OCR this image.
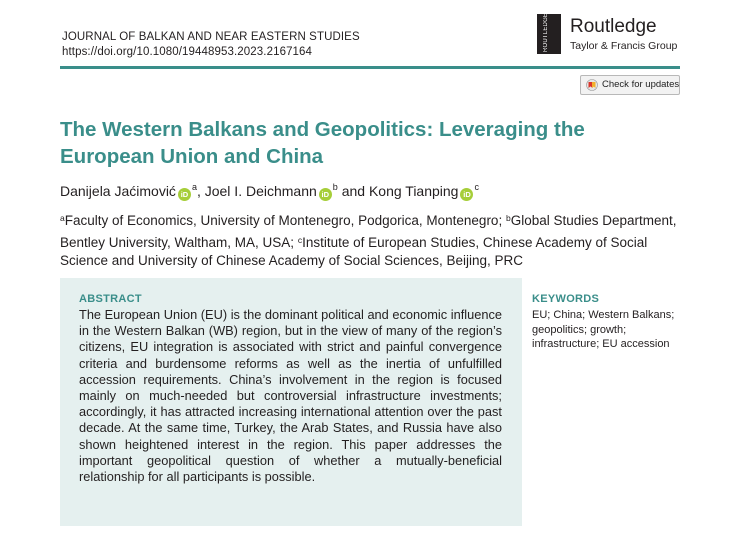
JOURNAL OF BALKAN AND NEAR EASTERN STUDIES
https://doi.org/10.1080/19448953.2023.2167164	ROUTLEDGE	Routledge
Taylor & Francis Group
Check for updates
The Western Balkans and Geopolitics: Leveraging the European Union and China
Danijela Jaćimović iD$^a$, Joel I. Deichmann iD$^b$ and Kong Tianping iD$^c$
$^a$Faculty of Economics, University of Montenegro, Podgorica, Montenegro; $^b$Global Studies Department, Bentley University, Waltham, MA, USA; $^c$Institute of European Studies, Chinese Academy of Social Science and University of Chinese Academy of Social Sciences, Beijing, PRC
ABSTRACT
The European Union (EU) is the dominant political and economic influence in the Western Balkan (WB) region, but in the view of many of the region’s citizens, EU integration is associated with strict and painful convergence criteria and burdensome reforms as well as the inertia of unfulfilled accession requirements. China’s involvement in the region is focused mainly on much-needed but controversial infrastructure investments; accordingly, it has attracted increasing international attention over the past decade. At the same time, Turkey, the Arab States, and Russia have also shown heightened interest in the region. This paper addresses the important geopolitical question of whether a mutually-beneficial relationship for all participants is possible.
KEYWORDS
EU; China; Western Balkans; geopolitics; growth; infrastructure; EU accession
